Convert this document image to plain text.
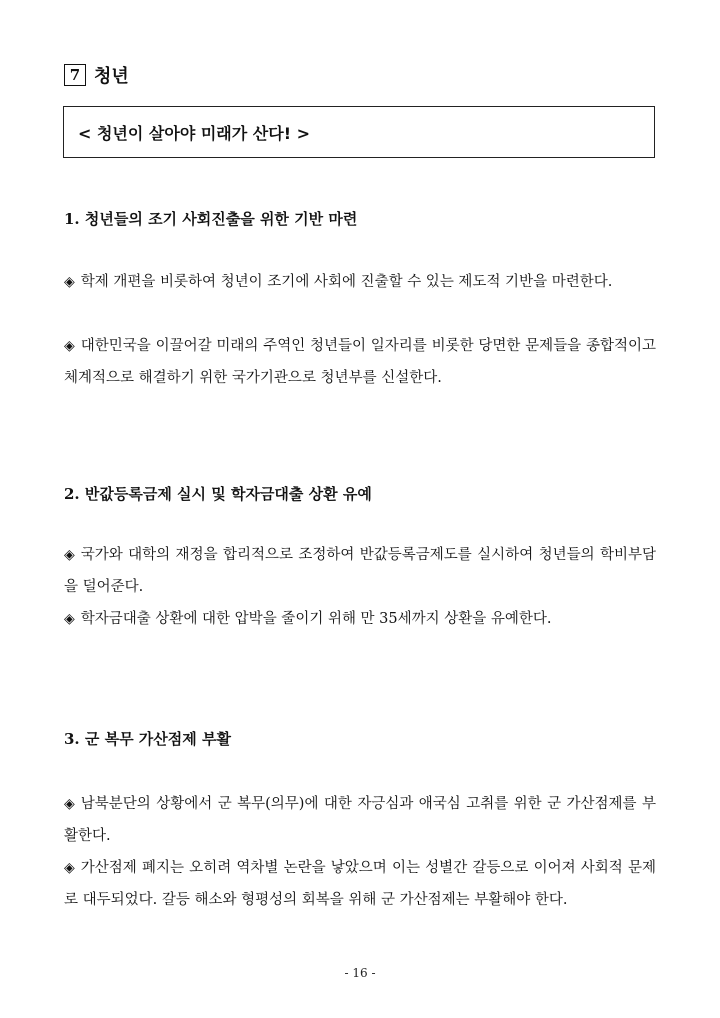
7 청년
< 청년이 살아야 미래가 산다! >
1. 청년들의 조기 사회진출을 위한 기반 마련
◈ 학제 개편을 비롯하여 청년이 조기에 사회에 진출할 수 있는 제도적 기반을 마련한다.
◈ 대한민국을 이끌어갈 미래의 주역인 청년들이 일자리를 비롯한 당면한 문제들을 종합적이고 체계적으로 해결하기 위한 국가기관으로 청년부를 신설한다.
2. 반값등록금제 실시 및 학자금대출 상환 유예
◈ 국가와 대학의 재정을 합리적으로 조정하여 반값등록금제도를 실시하여 청년들의 학비부담을 덜어준다.
◈ 학자금대출 상환에 대한 압박을 줄이기 위해 만 35세까지 상환을 유예한다.
3. 군 복무 가산점제 부활
◈ 남북분단의 상황에서 군 복무(의무)에 대한 자긍심과 애국심 고취를 위한 군 가산점제를 부활한다.
◈ 가산점제 폐지는 오히려 역차별 논란을 낳았으며 이는 성별간 갈등으로 이어져 사회적 문제로 대두되었다. 갈등 해소와 형평성의 회복을 위해 군 가산점제는 부활해야 한다.
- 16 -
